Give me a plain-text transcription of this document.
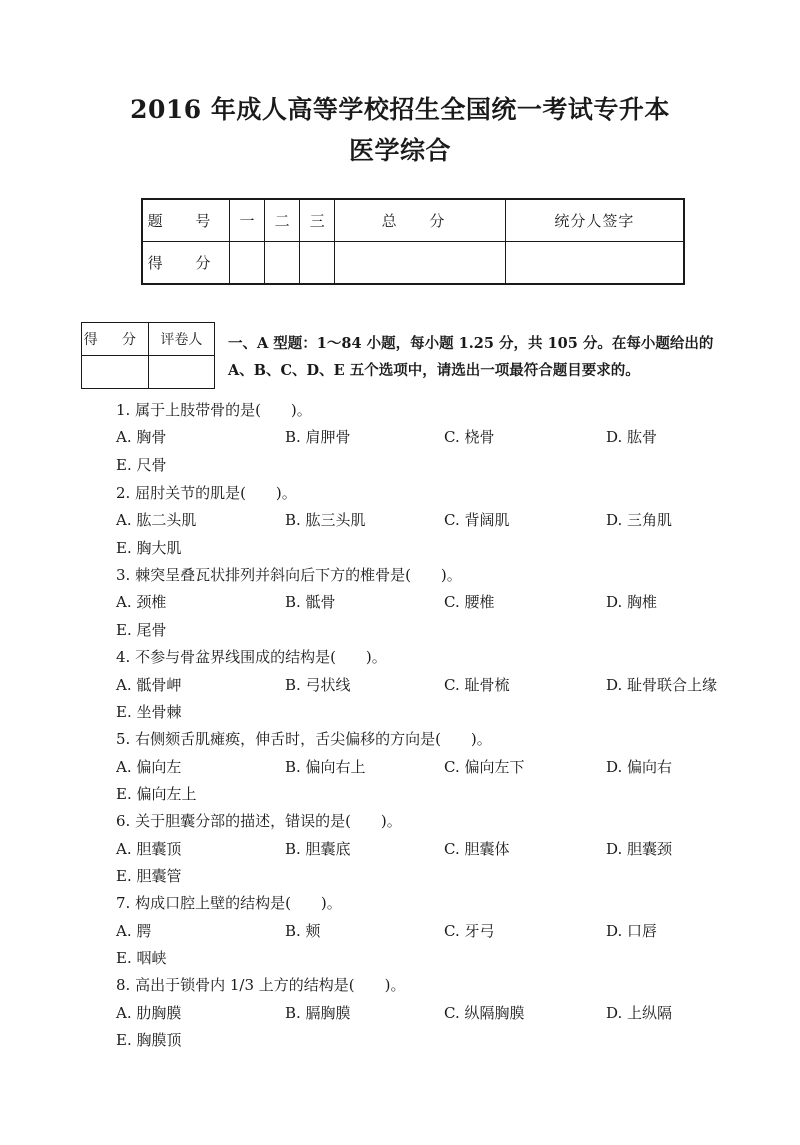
2016 年成人高等学校招生全国统一考试专升本
医学综合
题 号	一	二	三	总 分	统分人签字
得 分					
得 分	评卷人
	一、A 型题：1～84 小题，每小题 1.25 分，共 105 分。在每小题给出的
A、B、C、D、E 五个选项中，请选出一项最符合题目要求的。
1. 属于上肢带骨的是(　　)。
A. 胸骨	B. 肩胛骨	C. 桡骨	D. 肱骨
E. 尺骨
2. 屈肘关节的肌是(　　)。
A. 肱二头肌	B. 肱三头肌	C. 背阔肌	D. 三角肌
E. 胸大肌
3. 棘突呈叠瓦状排列并斜向后下方的椎骨是(　　)。
A. 颈椎	B. 骶骨	C. 腰椎	D. 胸椎
E. 尾骨
4. 不参与骨盆界线围成的结构是(　　)。
A. 骶骨岬	B. 弓状线	C. 耻骨梳	D. 耻骨联合上缘
E. 坐骨棘
5. 右侧颏舌肌瘫痪，伸舌时，舌尖偏移的方向是(　　)。
A. 偏向左	B. 偏向右上	C. 偏向左下	D. 偏向右
E. 偏向左上
6. 关于胆囊分部的描述，错误的是(　　)。
A. 胆囊顶	B. 胆囊底	C. 胆囊体	D. 胆囊颈
E. 胆囊管
7. 构成口腔上壁的结构是(　　)。
A. 腭	B. 颊	C. 牙弓	D. 口唇
E. 咽峡
8. 高出于锁骨内 1/3 上方的结构是(　　)。
A. 肋胸膜	B. 膈胸膜	C. 纵隔胸膜	D. 上纵隔
E. 胸膜顶
